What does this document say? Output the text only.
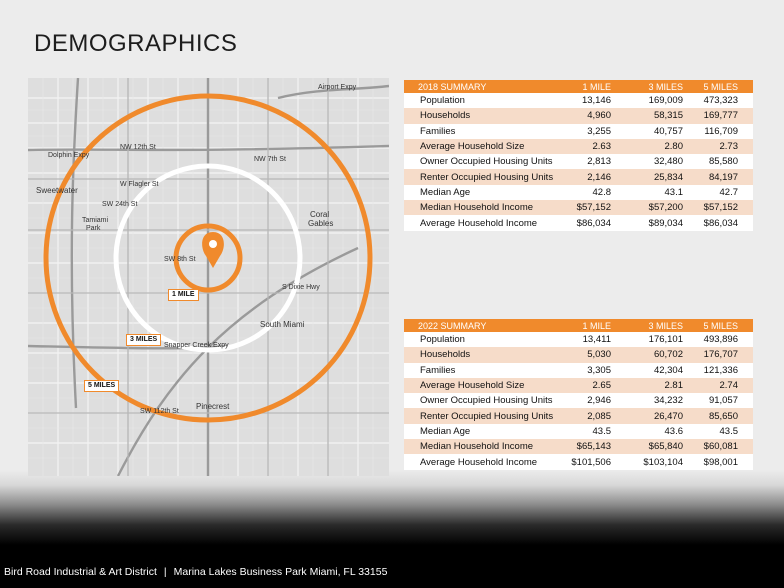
DEMOGRAPHICS
1 MILE
3 MILES
5 MILES
Sweetwater
Coral
Gables
South Miami
Pinecrest
Tamiami
Park
W Flagler St
SW 8th St
SW 24th St
Snapper Creek Expy
SW 112th St
Dolphin Expy
NW 12th St
NW 7th St
Airport Expy
S Dixie Hwy
2018 SUMMARY	1 MILE	3 MILES	5 MILES
Population	13,146	169,009	473,323
Households	4,960	58,315	169,777
Families	3,255	40,757	116,709
Average Household Size	2.63	2.80	2.73
Owner Occupied Housing Units	2,813	32,480	85,580
Renter Occupied Housing Units	2,146	25,834	84,197
Median Age	42.8	43.1	42.7
Median Household Income	$57,152	$57,200	$57,152
Average Household Income	$86,034	$89,034	$86,034
2022 SUMMARY	1 MILE	3 MILES	5 MILES
Population	13,411	176,101	493,896
Households	5,030	60,702	176,707
Families	3,305	42,304	121,336
Average Household Size	2.65	2.81	2.74
Owner Occupied Housing Units	2,946	34,232	91,057
Renter Occupied Housing Units	2,085	26,470	85,650
Median Age	43.5	43.6	43.5
Median Household Income	$65,143	$65,840	$60,081
Average Household Income	$101,506	$103,104	$98,001
Bird Road Industrial & Art District | Marina Lakes Business Park Miami, FL 33155
